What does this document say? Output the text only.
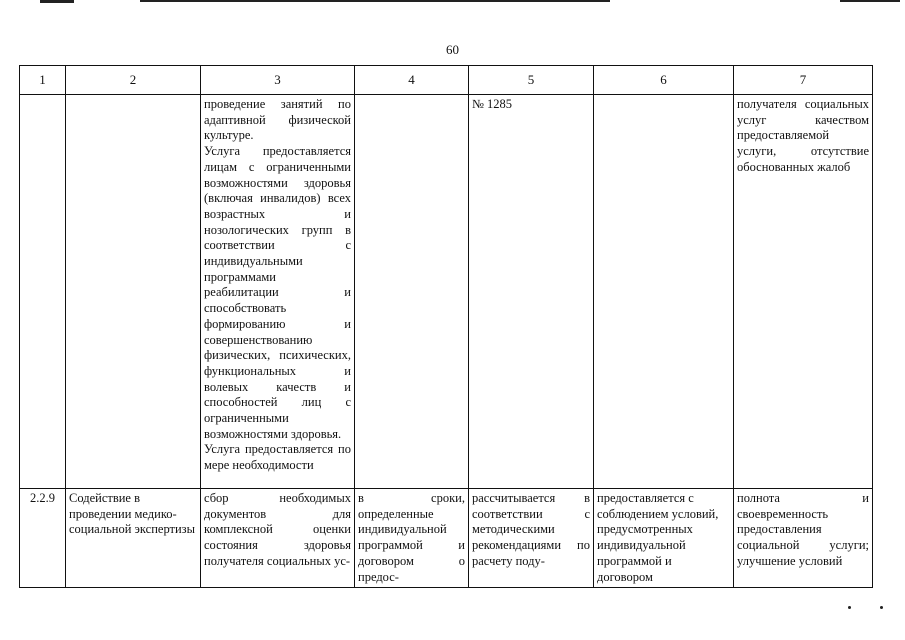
60
1	2	3	4	5	6	7

		проведение занятий по адаптивной физической культуре.
Услуга предоставляется лицам с ограниченными возможностями здоровья (включая инвалидов) всех возрастных и нозологических групп в соответствии с индивидуальными программами реабилитации и способствовать формированию и совершенствованию физических, психических, функциональных и волевых качеств и способностей лиц с ограниченными возможностями здоровья.
Услуга предоставляется по мере необходимости		№ 1285		получателя социальных услуг качеством предоставляемой услуги, отсутствие обоснованных жалоб
2.2.9	Содействие в проведении медико-социальной экспертизы	сбор необходимых документов для комплексной оценки состояния здоровья получателя социальных ус-	в сроки, определенные индивидуальной программой и договором о предос-	рассчитывается в соответствии с методическими рекомендациями по расчету поду-	предоставляется с соблюдением условий, предусмотренных индивидуальной программой и договором	полнота и своевременность предоставления социальной услуги; улучшение условий
